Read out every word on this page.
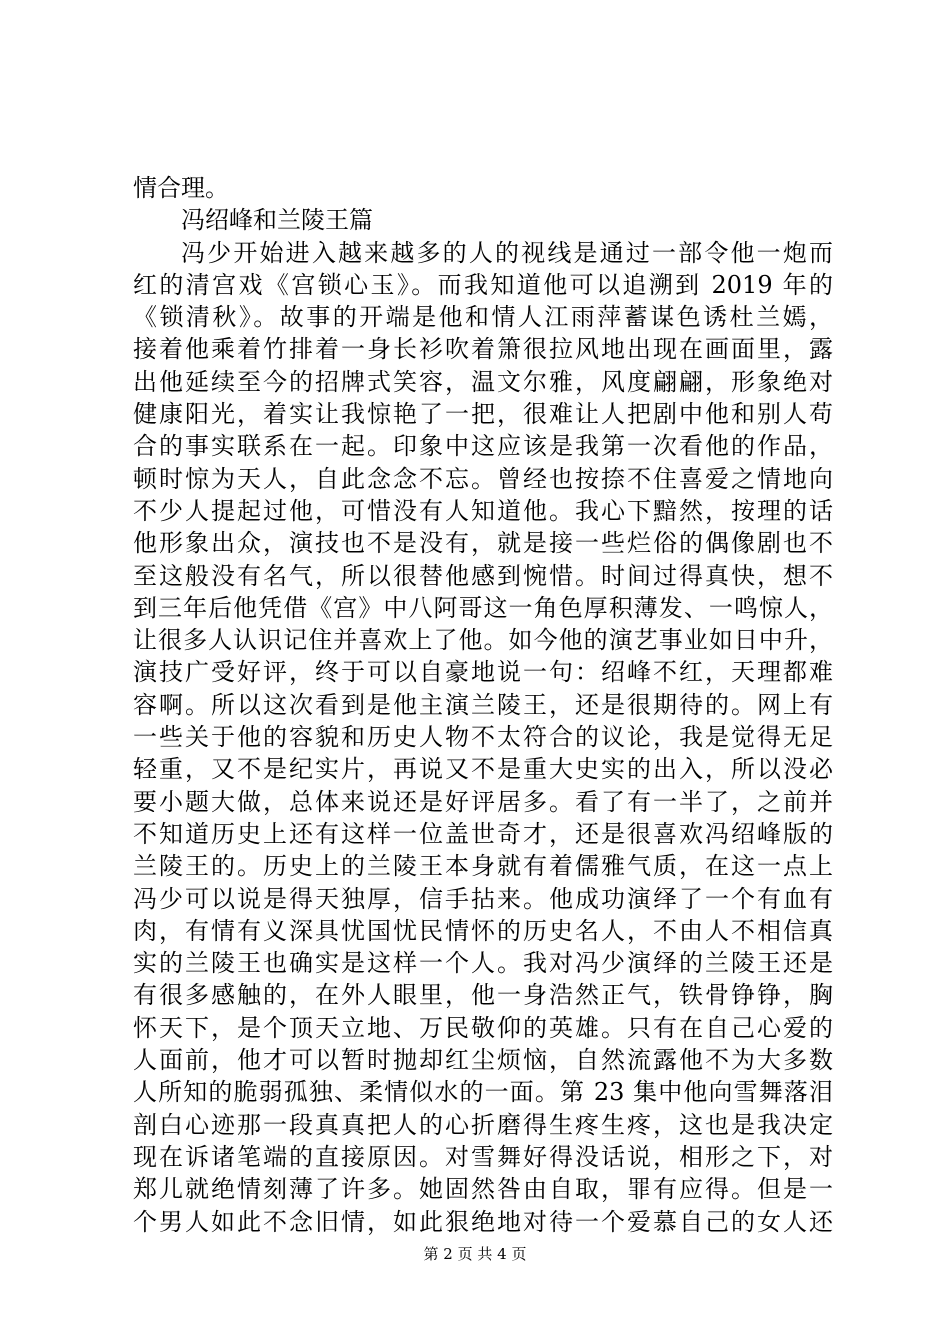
情合理。
冯绍峰和兰陵王篇
冯少开始进入越来越多的人的视线是通过一部令他一炮而
红的清宫戏《宫锁心玉》。而我知道他可以追溯到 2019 年的
《锁清秋》。故事的开端是他和情人江雨萍蓄谋色诱杜兰嫣，
接着他乘着竹排着一身长衫吹着箫很拉风地出现在画面里，露
出他延续至今的招牌式笑容，温文尔雅，风度翩翩，形象绝对
健康阳光，着实让我惊艳了一把，很难让人把剧中他和别人苟
合的事实联系在一起。印象中这应该是我第一次看他的作品，
顿时惊为天人，自此念念不忘。曾经也按捺不住喜爱之情地向
不少人提起过他，可惜没有人知道他。我心下黯然，按理的话
他形象出众，演技也不是没有，就是接一些烂俗的偶像剧也不
至这般没有名气，所以很替他感到惋惜。时间过得真快，想不
到三年后他凭借《宫》中八阿哥这一角色厚积薄发、一鸣惊人，
让很多人认识记住并喜欢上了他。如今他的演艺事业如日中升，
演技广受好评，终于可以自豪地说一句：绍峰不红，天理都难
容啊。所以这次看到是他主演兰陵王，还是很期待的。网上有
一些关于他的容貌和历史人物不太符合的议论，我是觉得无足
轻重，又不是纪实片，再说又不是重大史实的出入，所以没必
要小题大做，总体来说还是好评居多。看了有一半了，之前并
不知道历史上还有这样一位盖世奇才，还是很喜欢冯绍峰版的
兰陵王的。历史上的兰陵王本身就有着儒雅气质，在这一点上
冯少可以说是得天独厚，信手拈来。他成功演绎了一个有血有
肉，有情有义深具忧国忧民情怀的历史名人，不由人不相信真
实的兰陵王也确实是这样一个人。我对冯少演绎的兰陵王还是
有很多感触的，在外人眼里，他一身浩然正气，铁骨铮铮，胸
怀天下，是个顶天立地、万民敬仰的英雄。只有在自己心爱的
人面前，他才可以暂时抛却红尘烦恼，自然流露他不为大多数
人所知的脆弱孤独、柔情似水的一面。第 23 集中他向雪舞落泪
剖白心迹那一段真真把人的心折磨得生疼生疼，这也是我决定
现在诉诸笔端的直接原因。对雪舞好得没话说，相形之下，对
郑儿就绝情刻薄了许多。她固然咎由自取，罪有应得。但是一
个男人如此不念旧情，如此狠绝地对待一个爱慕自己的女人还
第 2 页 共 4 页
